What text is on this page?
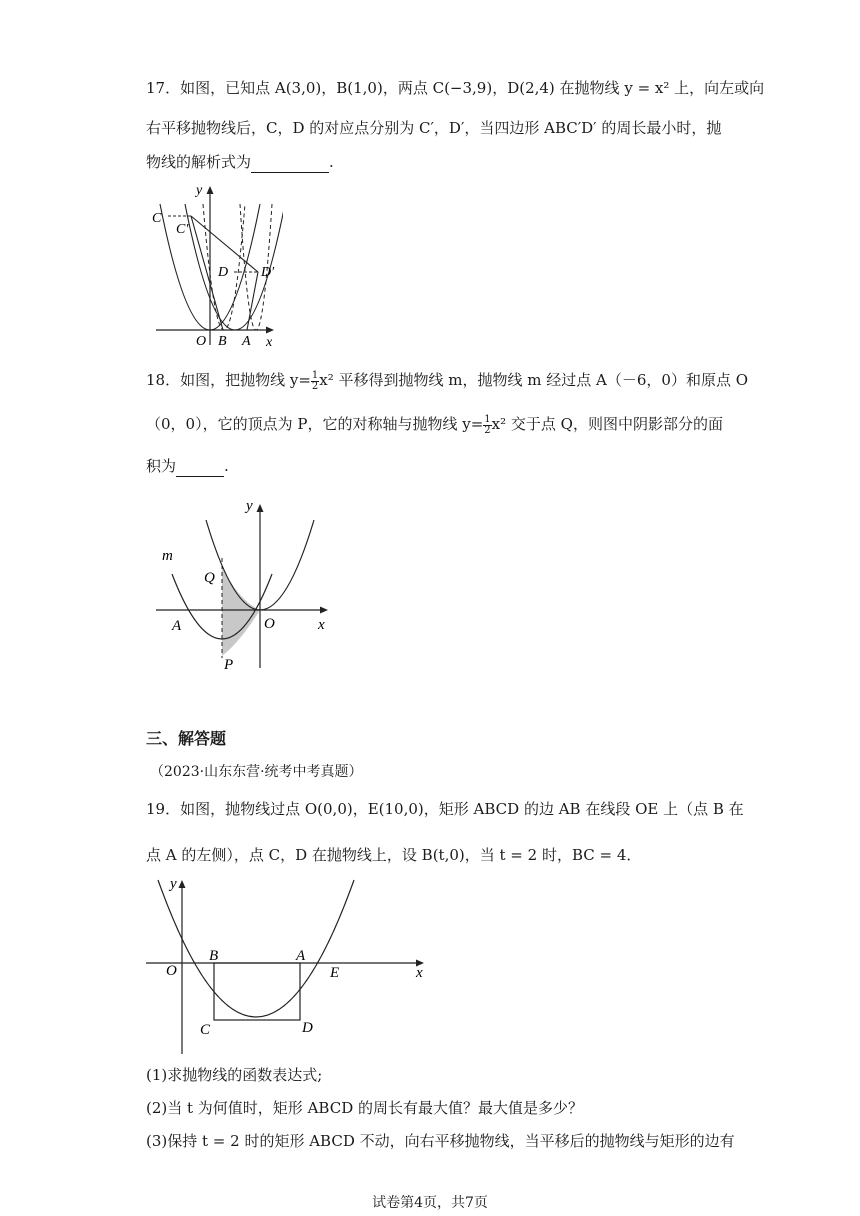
17．如图，已知点 A(3,0)，B(1,0)，两点 C(−3,9)，D(2,4) 在抛物线 y = x² 上，向左或向
右平移抛物线后，C，D 的对应点分别为 C′，D′，当四边形 ABC′D′ 的周长最小时，抛
物线的解析式为	.
C
C′
D D′
O B A x
y
18．如图，把抛物线 $y= \frac{1}{2} x^2$ 平移得到抛物线 m，抛物线 m 经过点 A（－6，0）和原点 O
（0，0），它的顶点为 P，它的对称轴与抛物线 $y= \frac{1}{2} x^2$ 交于点 Q，则图中阴影部分的面
积为	.
m
Q
A	O	x
y
P
三、解答题
（2023·山东东营·统考中考真题）
19．如图，抛物线过点 O(0,0)，E(10,0)，矩形 ABCD 的边 AB 在线段 OE 上（点 B 在
点 A 的左侧），点 C，D 在抛物线上，设 B(t,0)，当 t = 2 时，BC = 4．
O
B	A
E	x
y
C	D
(1)求抛物线的函数表达式;
(2)当 t 为何值时，矩形 ABCD 的周长有最大值？最大值是多少？
(3)保持 t = 2 时的矩形 ABCD 不动，向右平移抛物线，当平移后的抛物线与矩形的边有
试卷第4页，共7页
